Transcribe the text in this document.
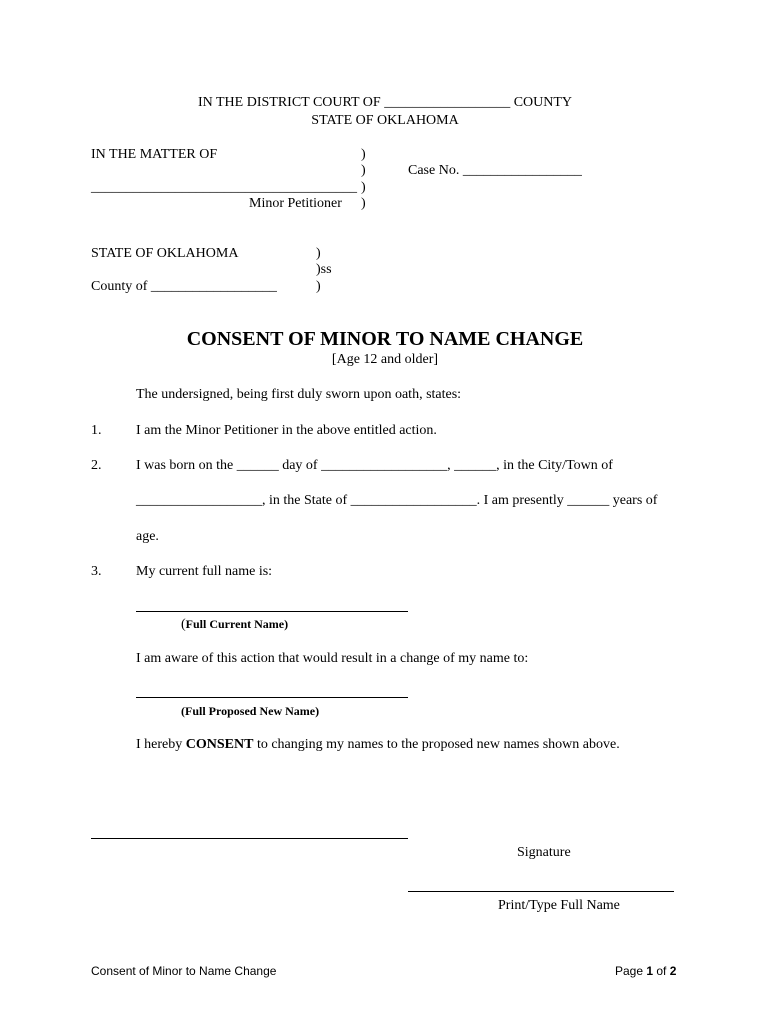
IN THE DISTRICT COURT OF __________________ COUNTY
STATE OF OKLAHOMA
IN THE MATTER OF	)
)	Case No. _________________
______________________________________ )
Minor Petitioner )
STATE OF OKLAHOMA	)
)ss
County of __________________	)
CONSENT OF MINOR TO NAME CHANGE
[Age 12 and older]
The undersigned, being first duly sworn upon oath, states:
1. I am the Minor Petitioner in the above entitled action.
2. I was born on the ______ day of __________________, ______, in the City/Town of
__________________, in the State of __________________. I am presently ______ years of
age.
3. My current full name is:
(Full Current Name)
I am aware of this action that would result in a change of my name to:
(Full Proposed New Name)
I hereby CONSENT to changing my names to the proposed new names shown above.
Signature
Print/Type Full Name
Consent of Minor to Name Change	Page 1 of 2
